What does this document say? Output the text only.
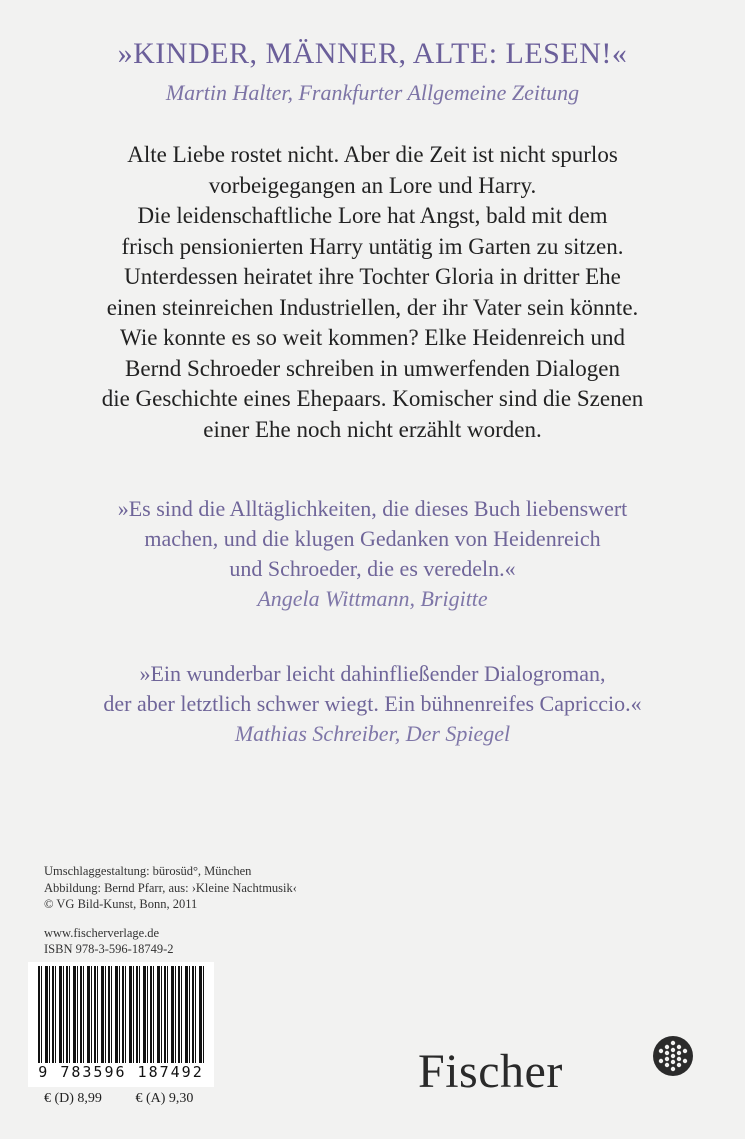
»KINDER, MÄNNER, ALTE: LESEN!«
Martin Halter, Frankfurter Allgemeine Zeitung
Alte Liebe rostet nicht. Aber die Zeit ist nicht spurlos
vorbeigegangen an Lore und Harry.
Die leidenschaftliche Lore hat Angst, bald mit dem
frisch pensionierten Harry untätig im Garten zu sitzen.
Unterdessen heiratet ihre Tochter Gloria in dritter Ehe
einen steinreichen Industriellen, der ihr Vater sein könnte.
Wie konnte es so weit kommen? Elke Heidenreich und
Bernd Schroeder schreiben in umwerfenden Dialogen
die Geschichte eines Ehepaars. Komischer sind die Szenen
einer Ehe noch nicht erzählt worden.
»Es sind die Alltäglichkeiten, die dieses Buch liebenswert
machen, und die klugen Gedanken von Heidenreich
und Schroeder, die es veredeln.«
Angela Wittmann, Brigitte
»Ein wunderbar leicht dahinfließender Dialogroman,
der aber letztlich schwer wiegt. Ein bühnenreifes Capriccio.«
Mathias Schreiber, Der Spiegel
Umschlaggestaltung: bürosüd°, München
Abbildung: Bernd Pfarr, aus: ›Kleine Nachtmusik‹
© VG Bild-Kunst, Bonn, 2011
www.fischerverlage.de
ISBN 978-3-596-18749-2
9 783596 187492
€ (D) 8,99 € (A) 9,30
Fischer
